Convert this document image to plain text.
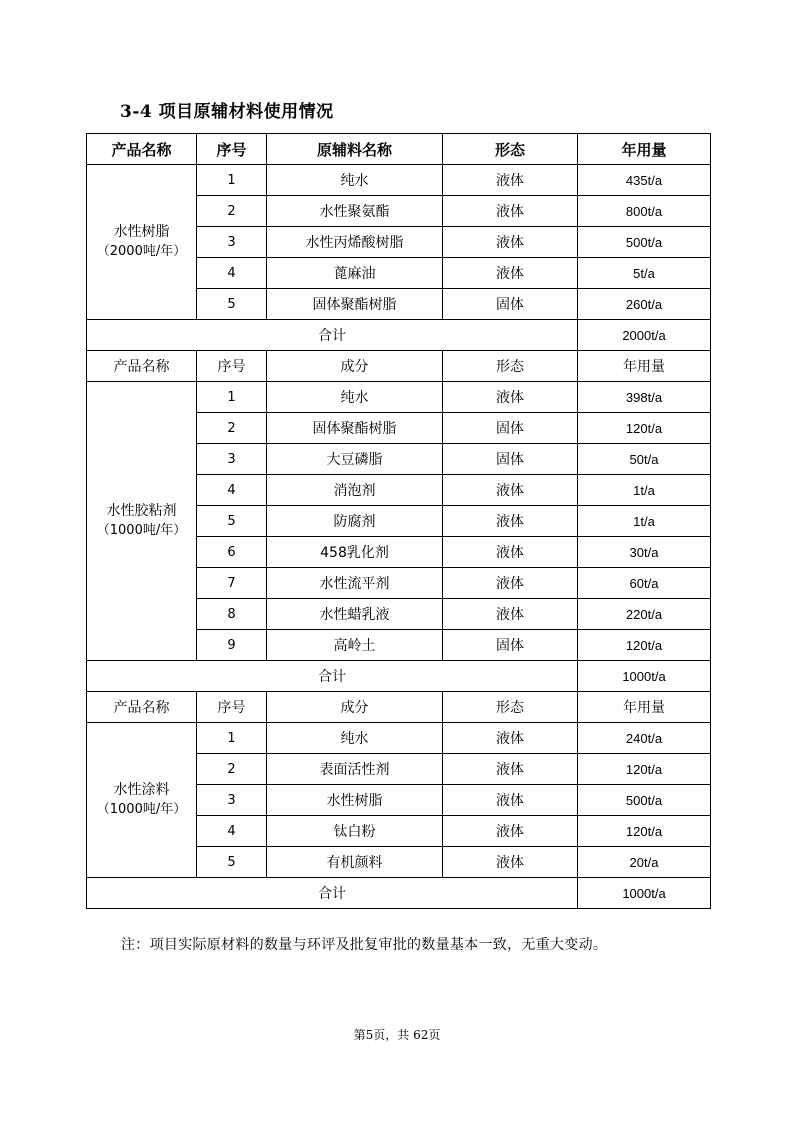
3-4 项目原辅材料使用情况
产品名称	序号	原辅料名称	形态	年用量
水性树脂

（2000吨/年）	1	纯水	液体	435t/a
	2	水性聚氨酯	液体	800t/a
	3	水性丙烯酸树脂	液体	500t/a
	4	蓖麻油	液体	5t/a
	5	固体聚酯树脂	固体	260t/a
合计				2000t/a
产品名称	序号	成分	形态	年用量
水性胶粘剂

（1000吨/年）	1	纯水	液体	398t/a
	2	固体聚酯树脂	固体	120t/a
	3	大豆磷脂	固体	50t/a
	4	消泡剂	液体	1t/a
	5	防腐剂	液体	1t/a
	6	458乳化剂	液体	30t/a
	7	水性流平剂	液体	60t/a
	8	水性蜡乳液	液体	220t/a
	9	高岭土	固体	120t/a
合计				1000t/a
产品名称	序号	成分	形态	年用量
水性涂料

（1000吨/年）	1	纯水	液体	240t/a
	2	表面活性剂	液体	120t/a
	3	水性树脂	液体	500t/a
	4	钛白粉	液体	120t/a
	5	有机颜料	液体	20t/a
合计				1000t/a
注：项目实际原材料的数量与环评及批复审批的数量基本一致，无重大变动。
第5页，共 62页
